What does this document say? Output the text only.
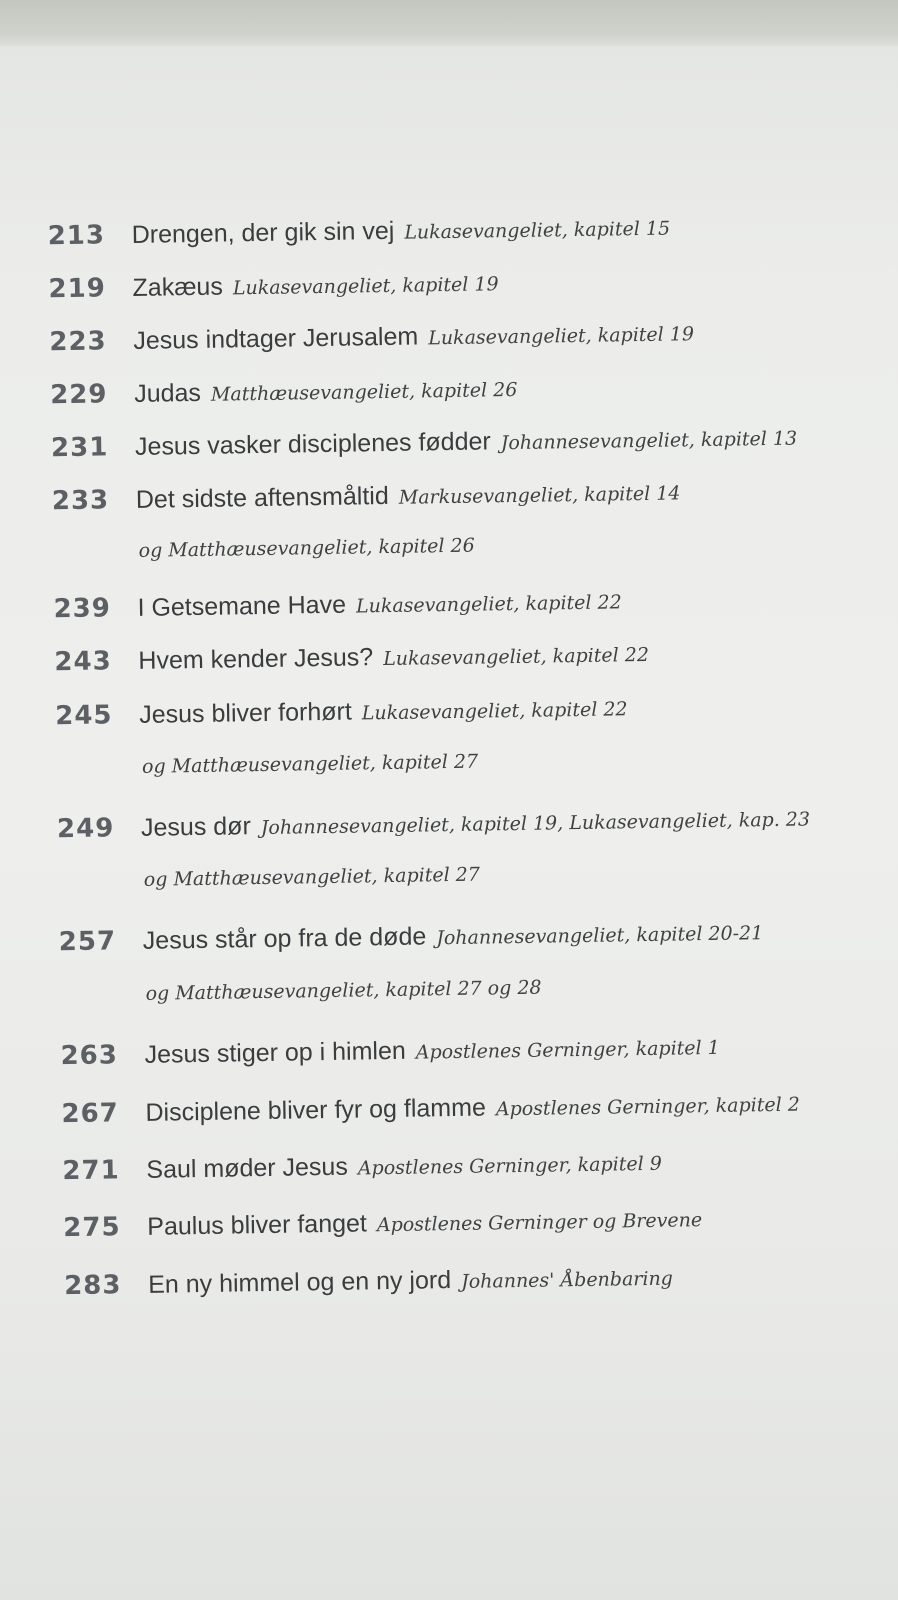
213 Drengen, der gik sin vej Lukasevangeliet, kapitel 15
219 Zakæus Lukasevangeliet, kapitel 19
223 Jesus indtager Jerusalem Lukasevangeliet, kapitel 19
229 Judas Matthæusevangeliet, kapitel 26
231 Jesus vasker disciplenes fødder Johannesevangeliet, kapitel 13
233 Det sidste aftensmåltid Markusevangeliet, kapitel 14
og Matthæusevangeliet, kapitel 26
239 I Getsemane Have Lukasevangeliet, kapitel 22
243 Hvem kender Jesus? Lukasevangeliet, kapitel 22
245 Jesus bliver forhørt Lukasevangeliet, kapitel 22
og Matthæusevangeliet, kapitel 27
249 Jesus dør Johannesevangeliet, kapitel 19, Lukasevangeliet, kap. 23
og Matthæusevangeliet, kapitel 27
257 Jesus står op fra de døde Johannesevangeliet, kapitel 20-21
og Matthæusevangeliet, kapitel 27 og 28
263 Jesus stiger op i himlen Apostlenes Gerninger, kapitel 1
267 Disciplene bliver fyr og flamme Apostlenes Gerninger, kapitel 2
271 Saul møder Jesus Apostlenes Gerninger, kapitel 9
275 Paulus bliver fanget Apostlenes Gerninger og Brevene
283 En ny himmel og en ny jord Johannes' Åbenbaring
